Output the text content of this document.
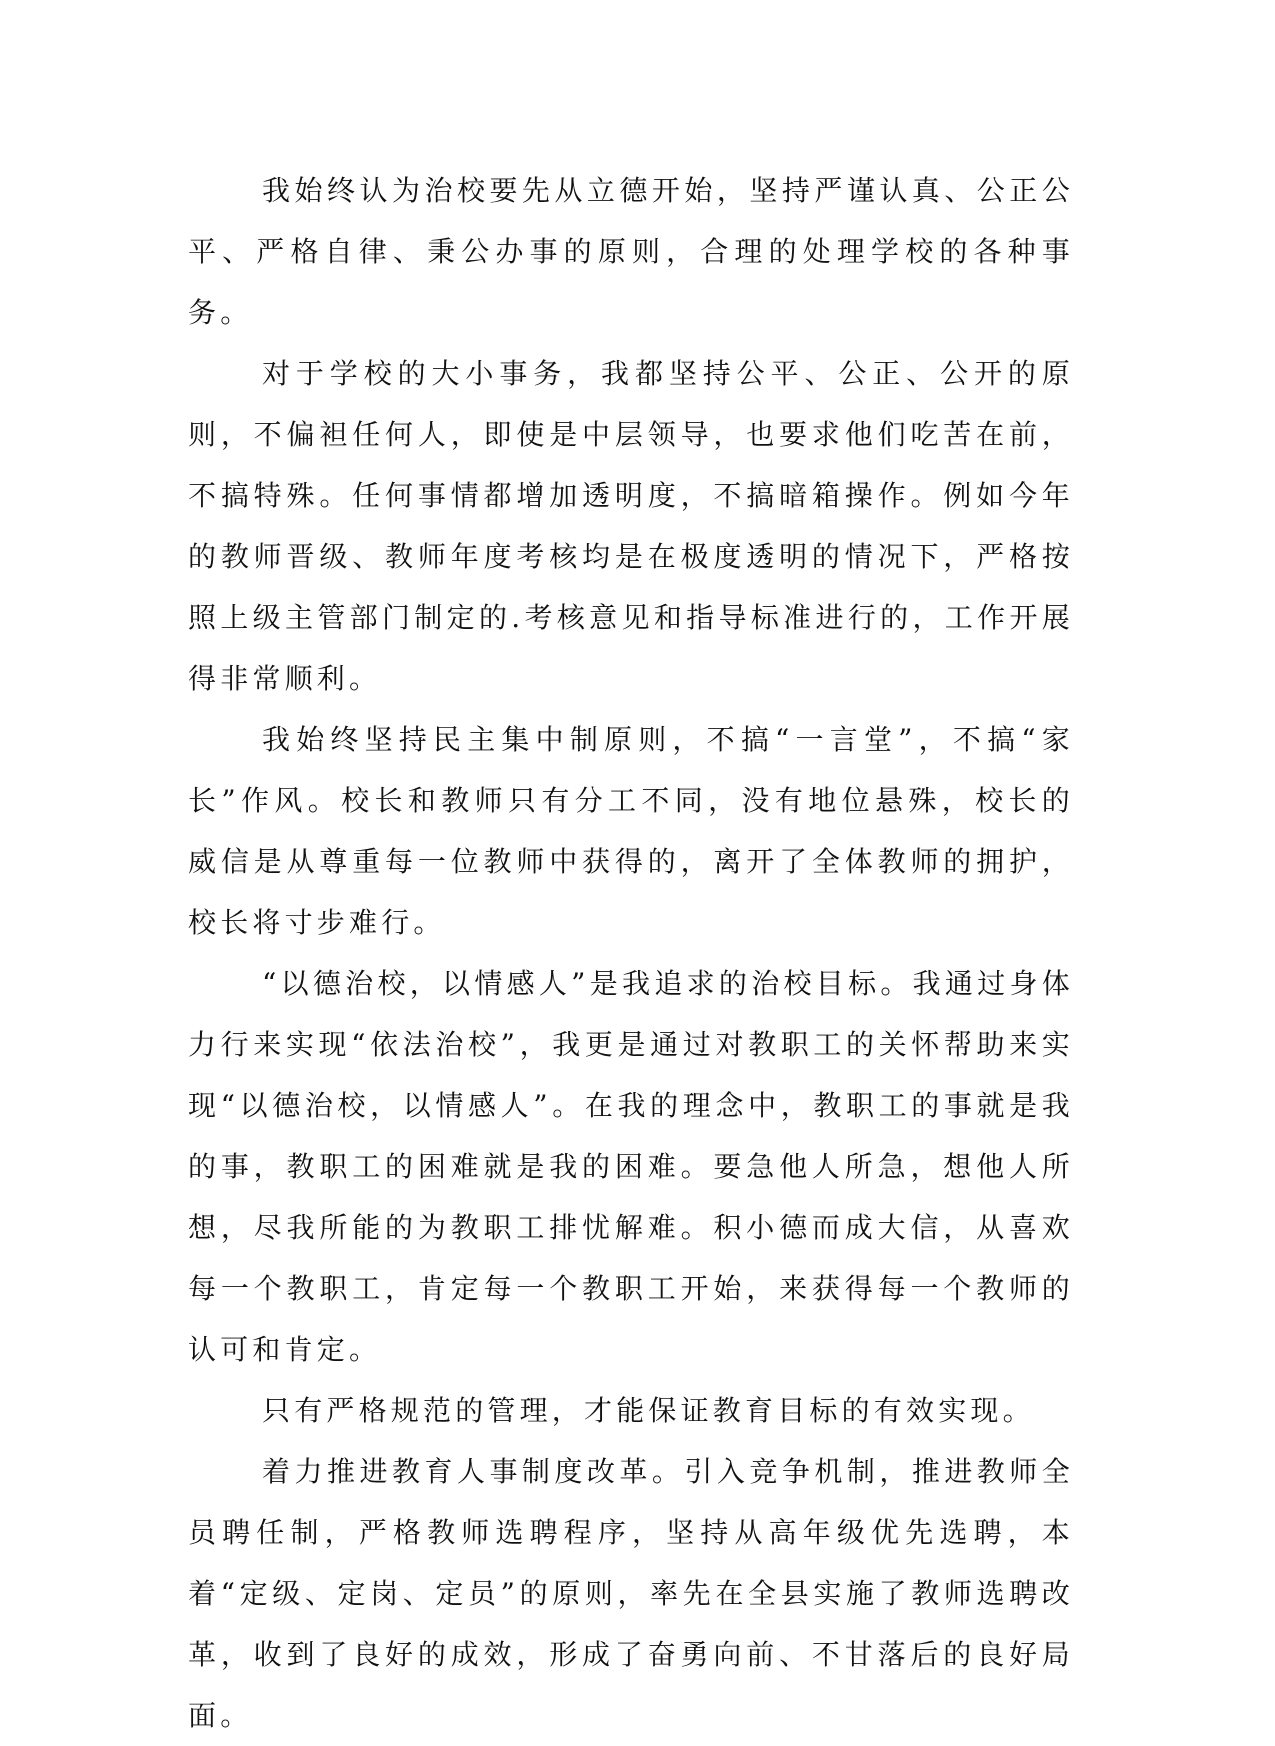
我始终认为治校要先从立德开始，坚持严谨认真、公正公平、严格自律、秉公办事的原则，合理的处理学校的各种事务。

对于学校的大小事务，我都坚持公平、公正、公开的原则，不偏袒任何人，即使是中层领导，也要求他们吃苦在前，不搞特殊。任何事情都增加透明度，不搞暗箱操作。例如今年的教师晋级、教师年度考核均是在极度透明的情况下，严格按照上级主管部门制定的.考核意见和指导标准进行的，工作开展得非常顺利。

我始终坚持民主集中制原则，不搞“一言堂”，不搞“家长”作风。校长和教师只有分工不同，没有地位悬殊，校长的威信是从尊重每一位教师中获得的，离开了全体教师的拥护，校长将寸步难行。

“以德治校，以情感人”是我追求的治校目标。我通过身体力行来实现“依法治校”，我更是通过对教职工的关怀帮助来实现“以德治校，以情感人”。在我的理念中，教职工的事就是我的事，教职工的困难就是我的困难。要急他人所急，想他人所想，尽我所能的为教职工排忧解难。积小德而成大信，从喜欢每一个教职工，肯定每一个教职工开始，来获得每一个教师的认可和肯定。

只有严格规范的管理，才能保证教育目标的有效实现。

着力推进教育人事制度改革。引入竞争机制，推进教师全员聘任制，严格教师选聘程序，坚持从高年级优先选聘，本着“定级、定岗、定员”的原则，率先在全县实施了教师选聘改革，收到了良好的成效，形成了奋勇向前、不甘落后的良好局面。
